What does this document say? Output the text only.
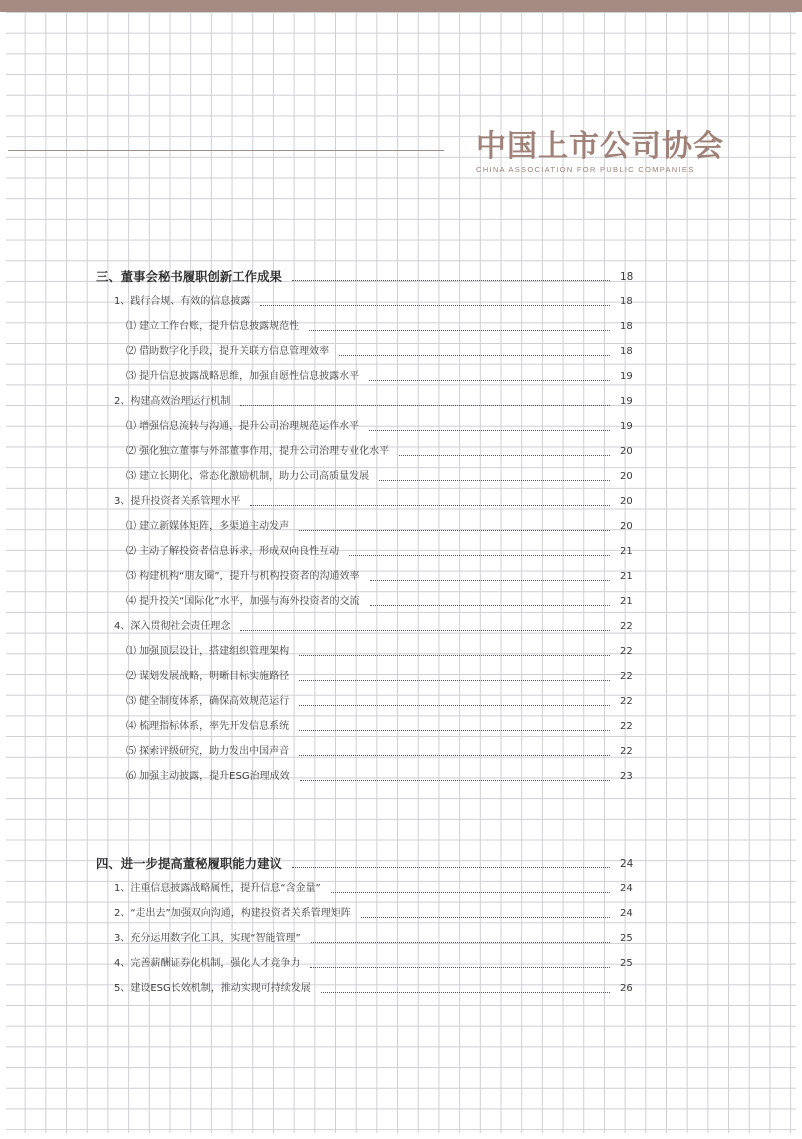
中国上市公司协会
CHINA ASSOCIATION FOR PUBLIC COMPANIES
三、董事会秘书履职创新工作成果	18
1、践行合规、有效的信息披露	18
⑴ 建立工作台账，提升信息披露规范性	18
⑵ 借助数字化手段，提升关联方信息管理效率	18
⑶ 提升信息披露战略思维，加强自愿性信息披露水平	19
2、构建高效治理运行机制	19
⑴ 增强信息流转与沟通，提升公司治理规范运作水平	19
⑵ 强化独立董事与外部董事作用，提升公司治理专业化水平	20
⑶ 建立长期化、常态化激励机制，助力公司高质量发展	20
3、提升投资者关系管理水平	20
⑴ 建立新媒体矩阵，多渠道主动发声	20
⑵ 主动了解投资者信息诉求，形成双向良性互动	21
⑶ 构建机构“朋友圈”，提升与机构投资者的沟通效率	21
⑷ 提升投关“国际化”水平，加强与海外投资者的交流	21
4、深入贯彻社会责任理念	22
⑴ 加强顶层设计，搭建组织管理架构	22
⑵ 谋划发展战略，明晰目标实施路径	22
⑶ 健全制度体系，确保高效规范运行	22
⑷ 梳理指标体系，率先开发信息系统	22
⑸ 探索评级研究，助力发出中国声音	22
⑹ 加强主动披露，提升ESG治理成效	23
四、进一步提高董秘履职能力建议	24
1、注重信息披露战略属性，提升信息“含金量”	24
2、“走出去”加强双向沟通，构建投资者关系管理矩阵	24
3、充分运用数字化工具，实现“智能管理”	25
4、完善薪酬证券化机制，强化人才竞争力	25
5、建设ESG长效机制，推动实现可持续发展	26
